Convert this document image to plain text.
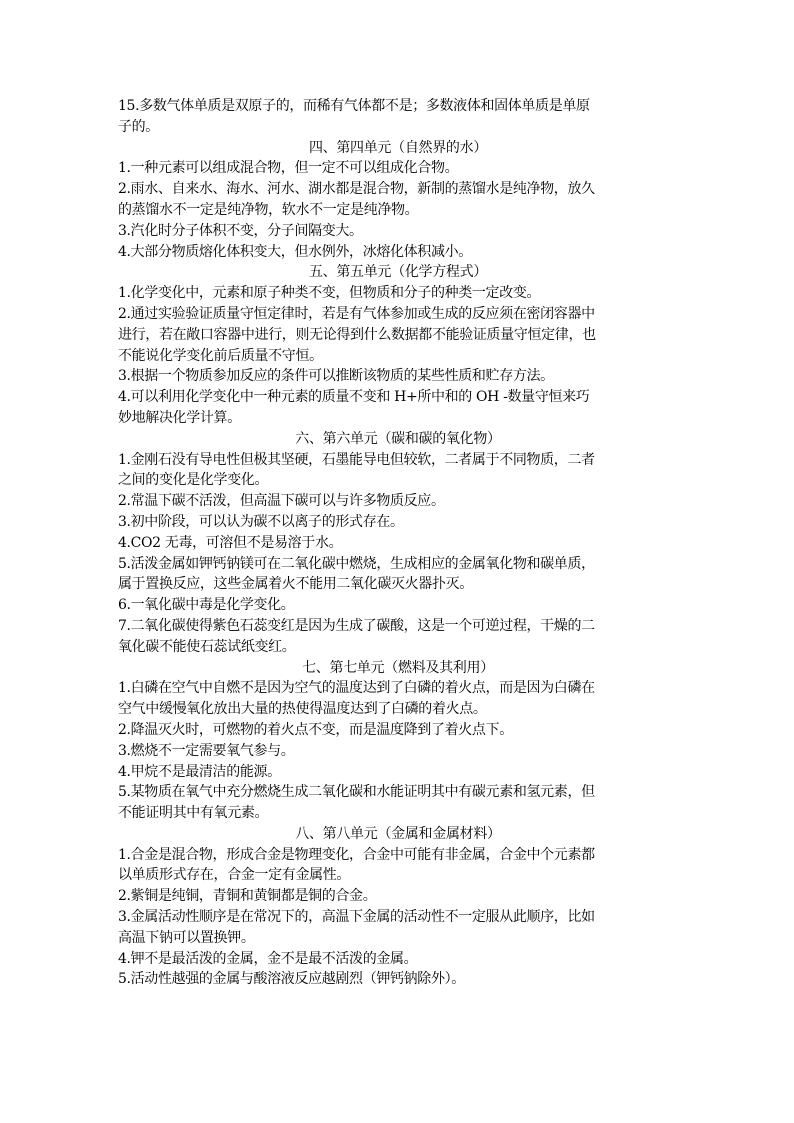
15.多数气体单质是双原子的，而稀有气体都不是；多数液体和固体单质是单原
子的。
四、第四单元（自然界的水）
1.一种元素可以组成混合物，但一定不可以组成化合物。
2.雨水、自来水、海水、河水、湖水都是混合物，新制的蒸馏水是纯净物，放久
的蒸馏水不一定是纯净物，软水不一定是纯净物。
3.汽化时分子体积不变，分子间隔变大。
4.大部分物质熔化体积变大，但水例外，冰熔化体积减小。
五、第五单元（化学方程式）
1.化学变化中，元素和原子种类不变，但物质和分子的种类一定改变。
2.通过实验验证质量守恒定律时，若是有气体参加或生成的反应须在密闭容器中
进行，若在敞口容器中进行，则无论得到什么数据都不能验证质量守恒定律，也
不能说化学变化前后质量不守恒。
3.根据一个物质参加反应的条件可以推断该物质的某些性质和贮存方法。
4.可以利用化学变化中一种元素的质量不变和 H+所中和的 OH -数量守恒来巧
妙地解决化学计算。
六、第六单元（碳和碳的氧化物）
1.金刚石没有导电性但极其坚硬，石墨能导电但较软，二者属于不同物质，二者
之间的变化是化学变化。
2.常温下碳不活泼，但高温下碳可以与许多物质反应。
3.初中阶段，可以认为碳不以离子的形式存在。
4.CO2 无毒，可溶但不是易溶于水。
5.活泼金属如钾钙钠镁可在二氧化碳中燃烧，生成相应的金属氧化物和碳单质，
属于置换反应，这些金属着火不能用二氧化碳灭火器扑灭。
6.一氧化碳中毒是化学变化。
7.二氧化碳使得紫色石蕊变红是因为生成了碳酸，这是一个可逆过程，干燥的二
氧化碳不能使石蕊试纸变红。
七、第七单元（燃料及其利用）
1.白磷在空气中自燃不是因为空气的温度达到了白磷的着火点，而是因为白磷在
空气中缓慢氧化放出大量的热使得温度达到了白磷的着火点。
2.降温灭火时，可燃物的着火点不变，而是温度降到了着火点下。
3.燃烧不一定需要氧气参与。
4.甲烷不是最清洁的能源。
5.某物质在氧气中充分燃烧生成二氧化碳和水能证明其中有碳元素和氢元素，但
不能证明其中有氧元素。
八、第八单元（金属和金属材料）
1.合金是混合物，形成合金是物理变化，合金中可能有非金属，合金中个元素都
以单质形式存在，合金一定有金属性。
2.紫铜是纯铜，青铜和黄铜都是铜的合金。
3.金属活动性顺序是在常况下的，高温下金属的活动性不一定服从此顺序，比如
高温下钠可以置换钾。
4.钾不是最活泼的金属，金不是最不活泼的金属。
5.活动性越强的金属与酸溶液反应越剧烈（钾钙钠除外）。
